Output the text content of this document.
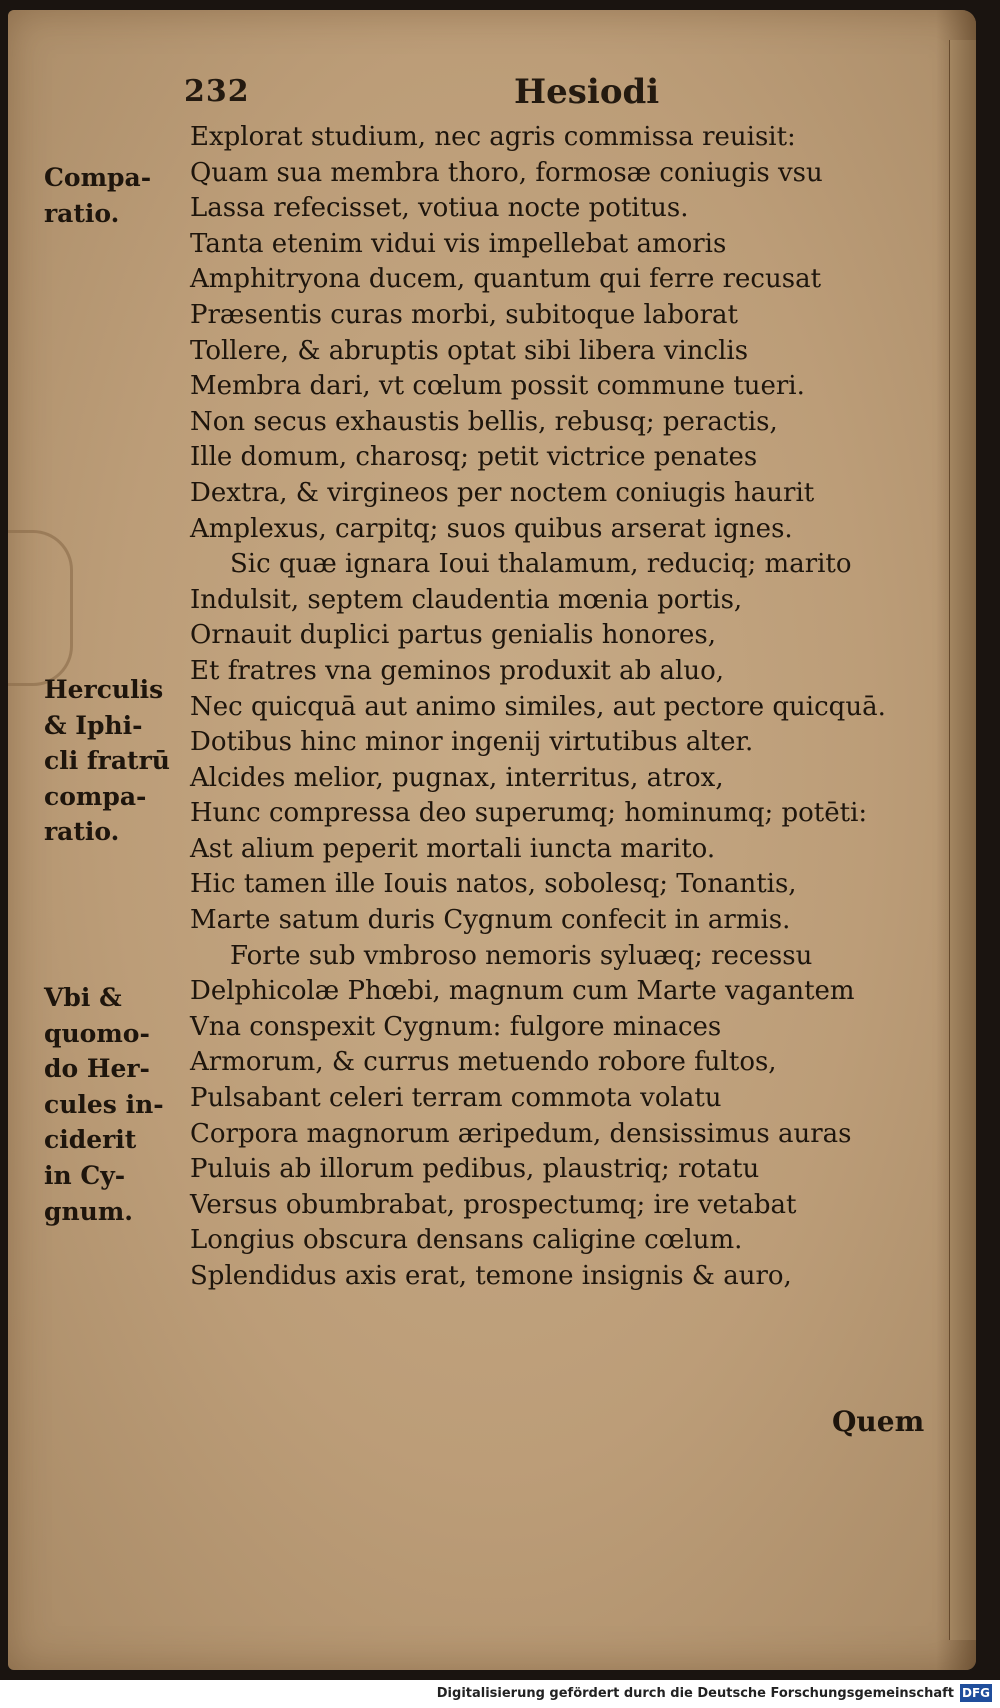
232	Hesiodi
Explorat studium, nec agris commissa reuisit:
Quam sua membra thoro, formosæ coniugis vsu
Lassa refecisset, votiua nocte potitus.
Tanta etenim vidui vis impellebat amoris
Amphitryona ducem, quantum qui ferre recusat
Præsentis curas morbi, subitoque laborat
Tollere, & abruptis optat sibi libera vinclis
Membra dari, vt cœlum possit commune tueri.
Non secus exhaustis bellis, rebusq; peractis,
Ille domum, charosq; petit victrice penates
Dextra, & virgineos per noctem coniugis haurit
Amplexus, carpitq; suos quibus arserat ignes.
Sic quæ ignara Ioui thalamum, reduciq; marito
Indulsit, septem claudentia mœnia portis,
Ornauit duplici partus genialis honores,
Et fratres vna geminos produxit ab aluo,
Nec quicquā aut animo similes, aut pectore quicquā.
Dotibus hinc minor ingenij virtutibus alter.
Alcides melior, pugnax, interritus, atrox,
Hunc compressa deo superumq; hominumq; potēti:
Ast alium peperit mortali iuncta marito.
Hic tamen ille Iouis natos, sobolesq; Tonantis,
Marte satum duris Cygnum confecit in armis.
Forte sub vmbroso nemoris syluæq; recessu
Delphicolæ Phœbi, magnum cum Marte vagantem
Vna conspexit Cygnum: fulgore minaces
Armorum, & currus metuendo robore fultos,
Pulsabant celeri terram commota volatu
Corpora magnorum æripedum, densissimus auras
Puluis ab illorum pedibus, plaustriq; rotatu
Versus obumbrabat, prospectumq; ire vetabat
Longius obscura densans caligine cœlum.
Splendidus axis erat, temone insignis & auro,
Compa-
ratio.
Herculis
& Iphi-
cli fratrū
compa-
ratio.
Vbi &
quomo-
do Her-
cules in-
ciderit
in Cy-
gnum.
Quem
Digitalisierung gefördert durch die Deutsche Forschungsgemeinschaft DFG
